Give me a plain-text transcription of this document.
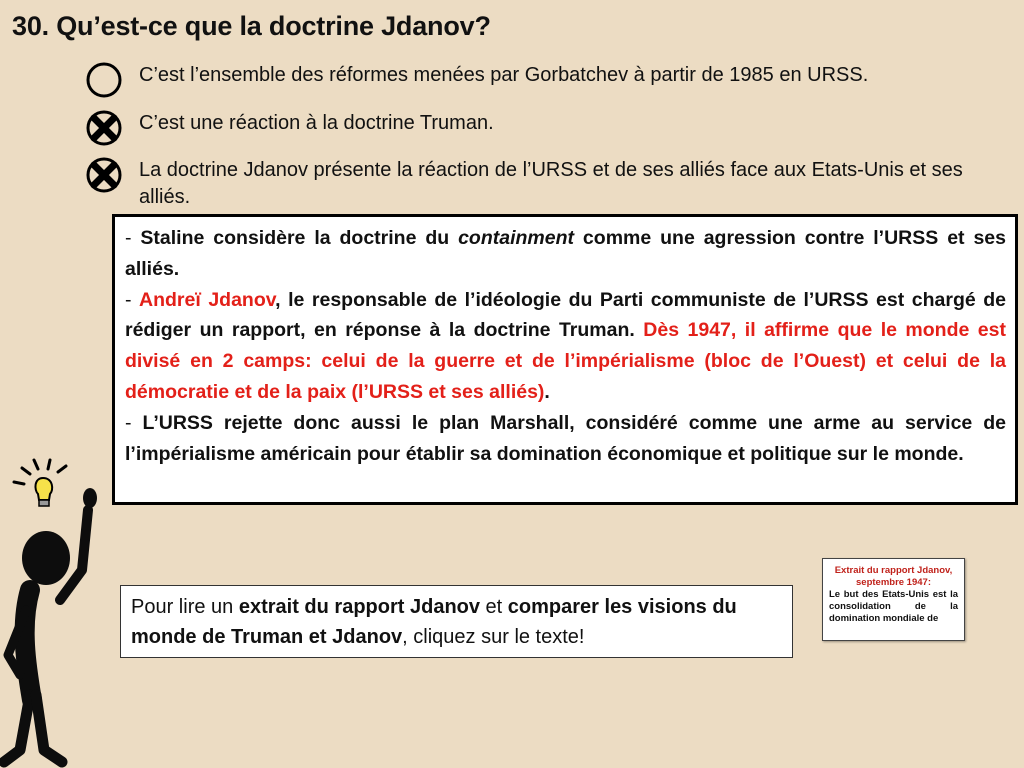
30. Qu’est-ce que la doctrine Jdanov?
C’est l’ensemble des réformes menées par Gorbatchev à partir de 1985 en URSS.
C’est une réaction à la doctrine Truman.
La doctrine Jdanov présente la réaction de l’URSS et de ses alliés face aux Etats-Unis et ses alliés.

- Staline considère la doctrine du containment comme une agression contre l’URSS et ses alliés.

- Andreï Jdanov, le responsable de l’idéologie du Parti communiste de l’URSS est chargé de rédiger un rapport, en réponse à la doctrine Truman. Dès 1947, il affirme que le monde est divisé en 2 camps: celui de la guerre et de l’impérialisme (bloc de l’Ouest) et celui de la démocratie et de la paix (l’URSS et ses alliés).

- L’URSS rejette donc aussi le plan Marshall, considéré comme une arme au service de l’impérialisme américain pour établir sa domination économique et politique sur le monde.

Pour lire un extrait du rapport Jdanov et comparer les visions du monde de Truman et Jdanov, cliquez sur le texte!
Extrait du rapport Jdanov, septembre 1947:
Le but des Etats-Unis est la consolidation de la domination mondiale de
